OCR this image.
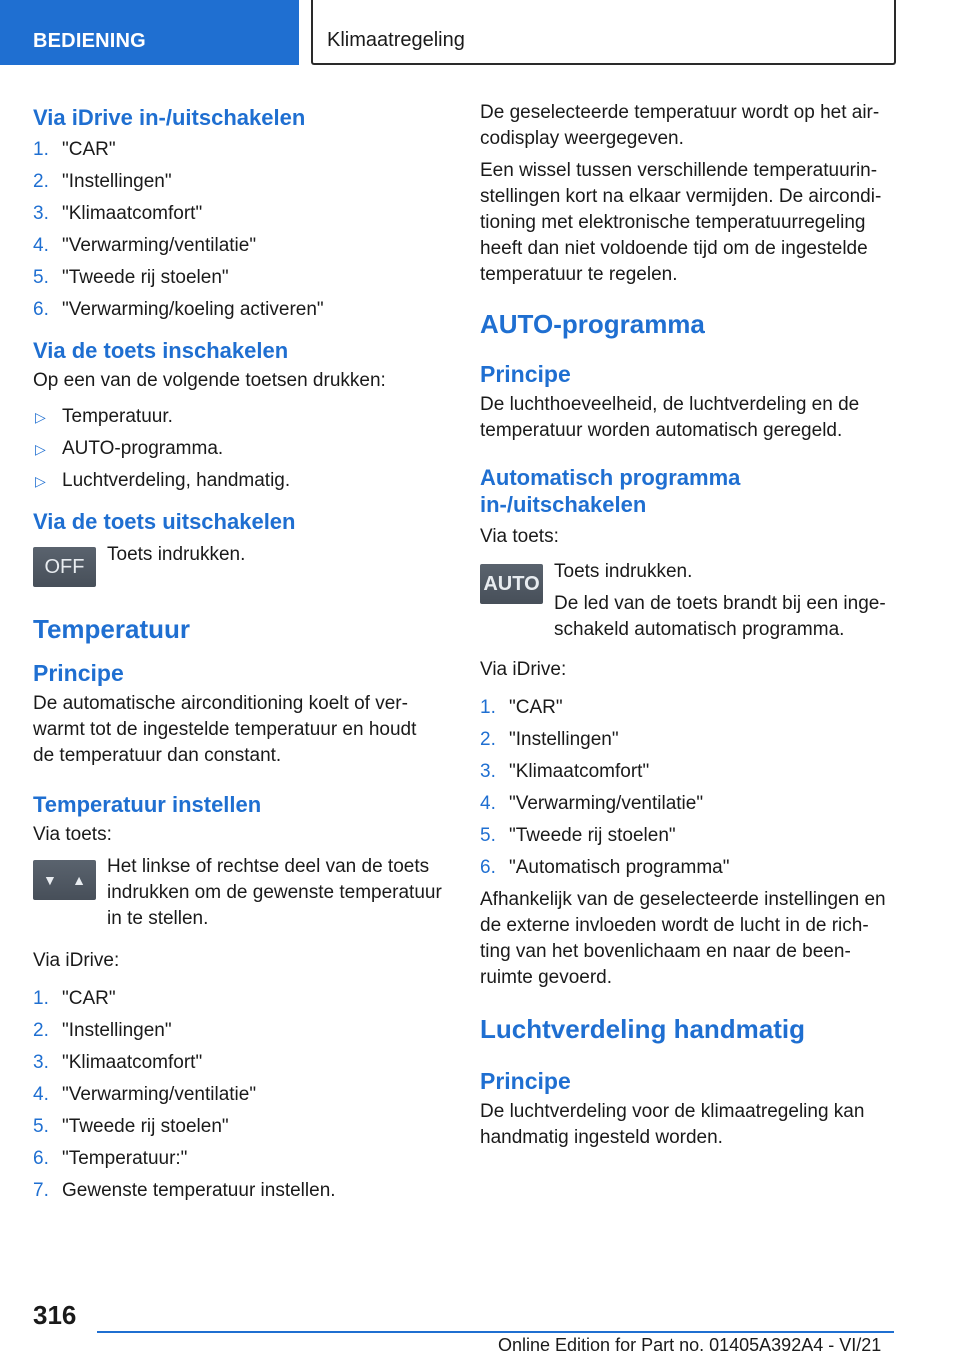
BEDIENING	Klimaatregeling
Via iDrive in-/uitschakelen
1. "CAR"
2. "Instellingen"
3. "Klimaatcomfort"
4. "Verwarming/ventilatie"
5. "Tweede rij stoelen"
6. "Verwarming/koeling activeren"
Via de toets inschakelen

Op een van de volgende toetsen drukken:

▷ Temperatuur.
▷ AUTO-programma.
▷ Luchtverdeling, handmatig.
Via de toets uitschakelen
OFF

Toets indrukken.

Temperatuur
Principe

De automatische airconditioning koelt of verwarmt tot de ingestelde temperatuur en houdt de temperatuur dan constant.

Temperatuur instellen

Via toets:

▼ ▲

Het linkse of rechtse deel van de toets indrukken om de gewenste temperatuur in te stellen.

Via iDrive:

1. "CAR"
2. "Instellingen"
3. "Klimaatcomfort"
4. "Verwarming/ventilatie"
5. "Tweede rij stoelen"
6. "Temperatuur:"
7. Gewenste temperatuur instellen.

De geselecteerde temperatuur wordt op het aircodisplay weergegeven.

Een wissel tussen verschillende temperatuurinstellingen kort na elkaar vermijden. De airconditioning met elektronische temperatuurregeling heeft dan niet voldoende tijd om de ingestelde temperatuur te regelen.

AUTO-programma
Principe

De luchthoeveelheid, de luchtverdeling en de temperatuur worden automatisch geregeld.

Automatisch programma in-/uitschakelen

Via toets:

AUTO

Toets indrukken.

De led van de toets brandt bij een ingeschakeld automatisch programma.

Via iDrive:

1. "CAR"
2. "Instellingen"
3. "Klimaatcomfort"
4. "Verwarming/ventilatie"
5. "Tweede rij stoelen"
6. "Automatisch programma"

Afhankelijk van de geselecteerde instellingen en de externe invloeden wordt de lucht in de richting van het bovenlichaam en naar de beenruimte gevoerd.

Luchtverdeling handmatig
Principe

De luchtverdeling voor de klimaatregeling kan handmatig ingesteld worden.

316
Online Edition for Part no. 01405A392A4 - VI/21
